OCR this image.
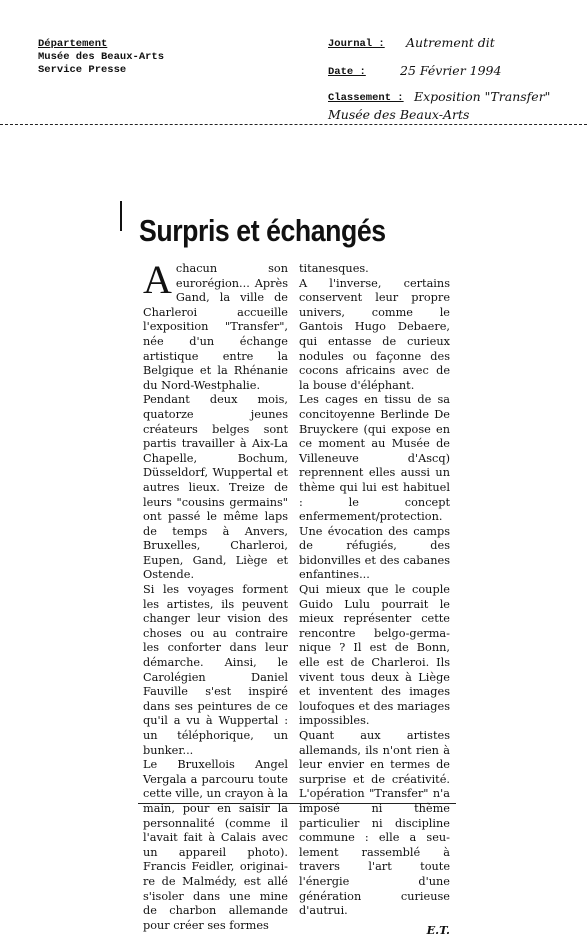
Département
Musée des Beaux-Arts
Service Presse
Journal : Autrement dit
Date :	25 Février 1994
Classement : Exposition "Transfer"
Musée des Beaux-Arts
Surpris et échangés

Achacun son eurorégion... Après Gand, la ville de Charleroi accueille l'exposition "Transfer", née d'un échange artistique entre la Belgique et la Rhénanie du Nord-Westphalie.

Pendant deux mois, quatorze jeunes créateurs belges sont partis travailler à Aix-La Chapelle, Bochum, Düsseldorf, Wuppertal et autres lieux. Treize de leurs "cousins germains" ont passé le même laps de temps à Anvers, Bruxelles, Charleroi, Eupen, Gand, Liège et Ostende.

Si les voyages forment les artistes, ils peuvent changer leur vision des choses ou au contraire les conforter dans leur démarche. Ainsi, le Carolégien Daniel Fauville s'est inspiré dans ses peintures de ce qu'il a vu à Wuppertal : un téléphorique, un bunker...

Le Bruxellois Angel Vergala a parcouru toute cette ville, un crayon à la main, pour en saisir la personnalité (comme il l'avait fait à Calais avec un appareil photo). Francis Feidler, originaire de Malmédy, est allé s'isoler dans une mine de charbon allemande pour créer ses formes

titanesques.

A l'inverse, certains conservent leur propre univers, comme le Gantois Hugo Debaere, qui entasse de curieux nodules ou façonne des cocons africains avec de la bouse d'éléphant.

Les cages en tissu de sa concitoyenne Berlinde De Bruyckere (qui expose en ce moment au Musée de Villeneuve d'Ascq) reprennent elles aussi un thème qui lui est habituel : le concept enfermement/protection. Une évocation des camps de réfugiés, des bidonvilles et des cabanes enfantines...

Qui mieux que le couple Guido Lulu pourrait le mieux représenter cette rencontre belgo-germanique ? Il est de Bonn, elle est de Charleroi. Ils vivent tous deux à Liège et inventent des images loufoques et des mariages impossibles.

Quant aux artistes allemands, ils n'ont rien à leur envier en termes de surprise et de créativité. L'opération "Transfer" n'a imposé ni thème particulier ni discipline commune : elle a seulement rassemblé à travers l'art toute l'énergie d'une génération curieuse d'autrui.

E.T.
